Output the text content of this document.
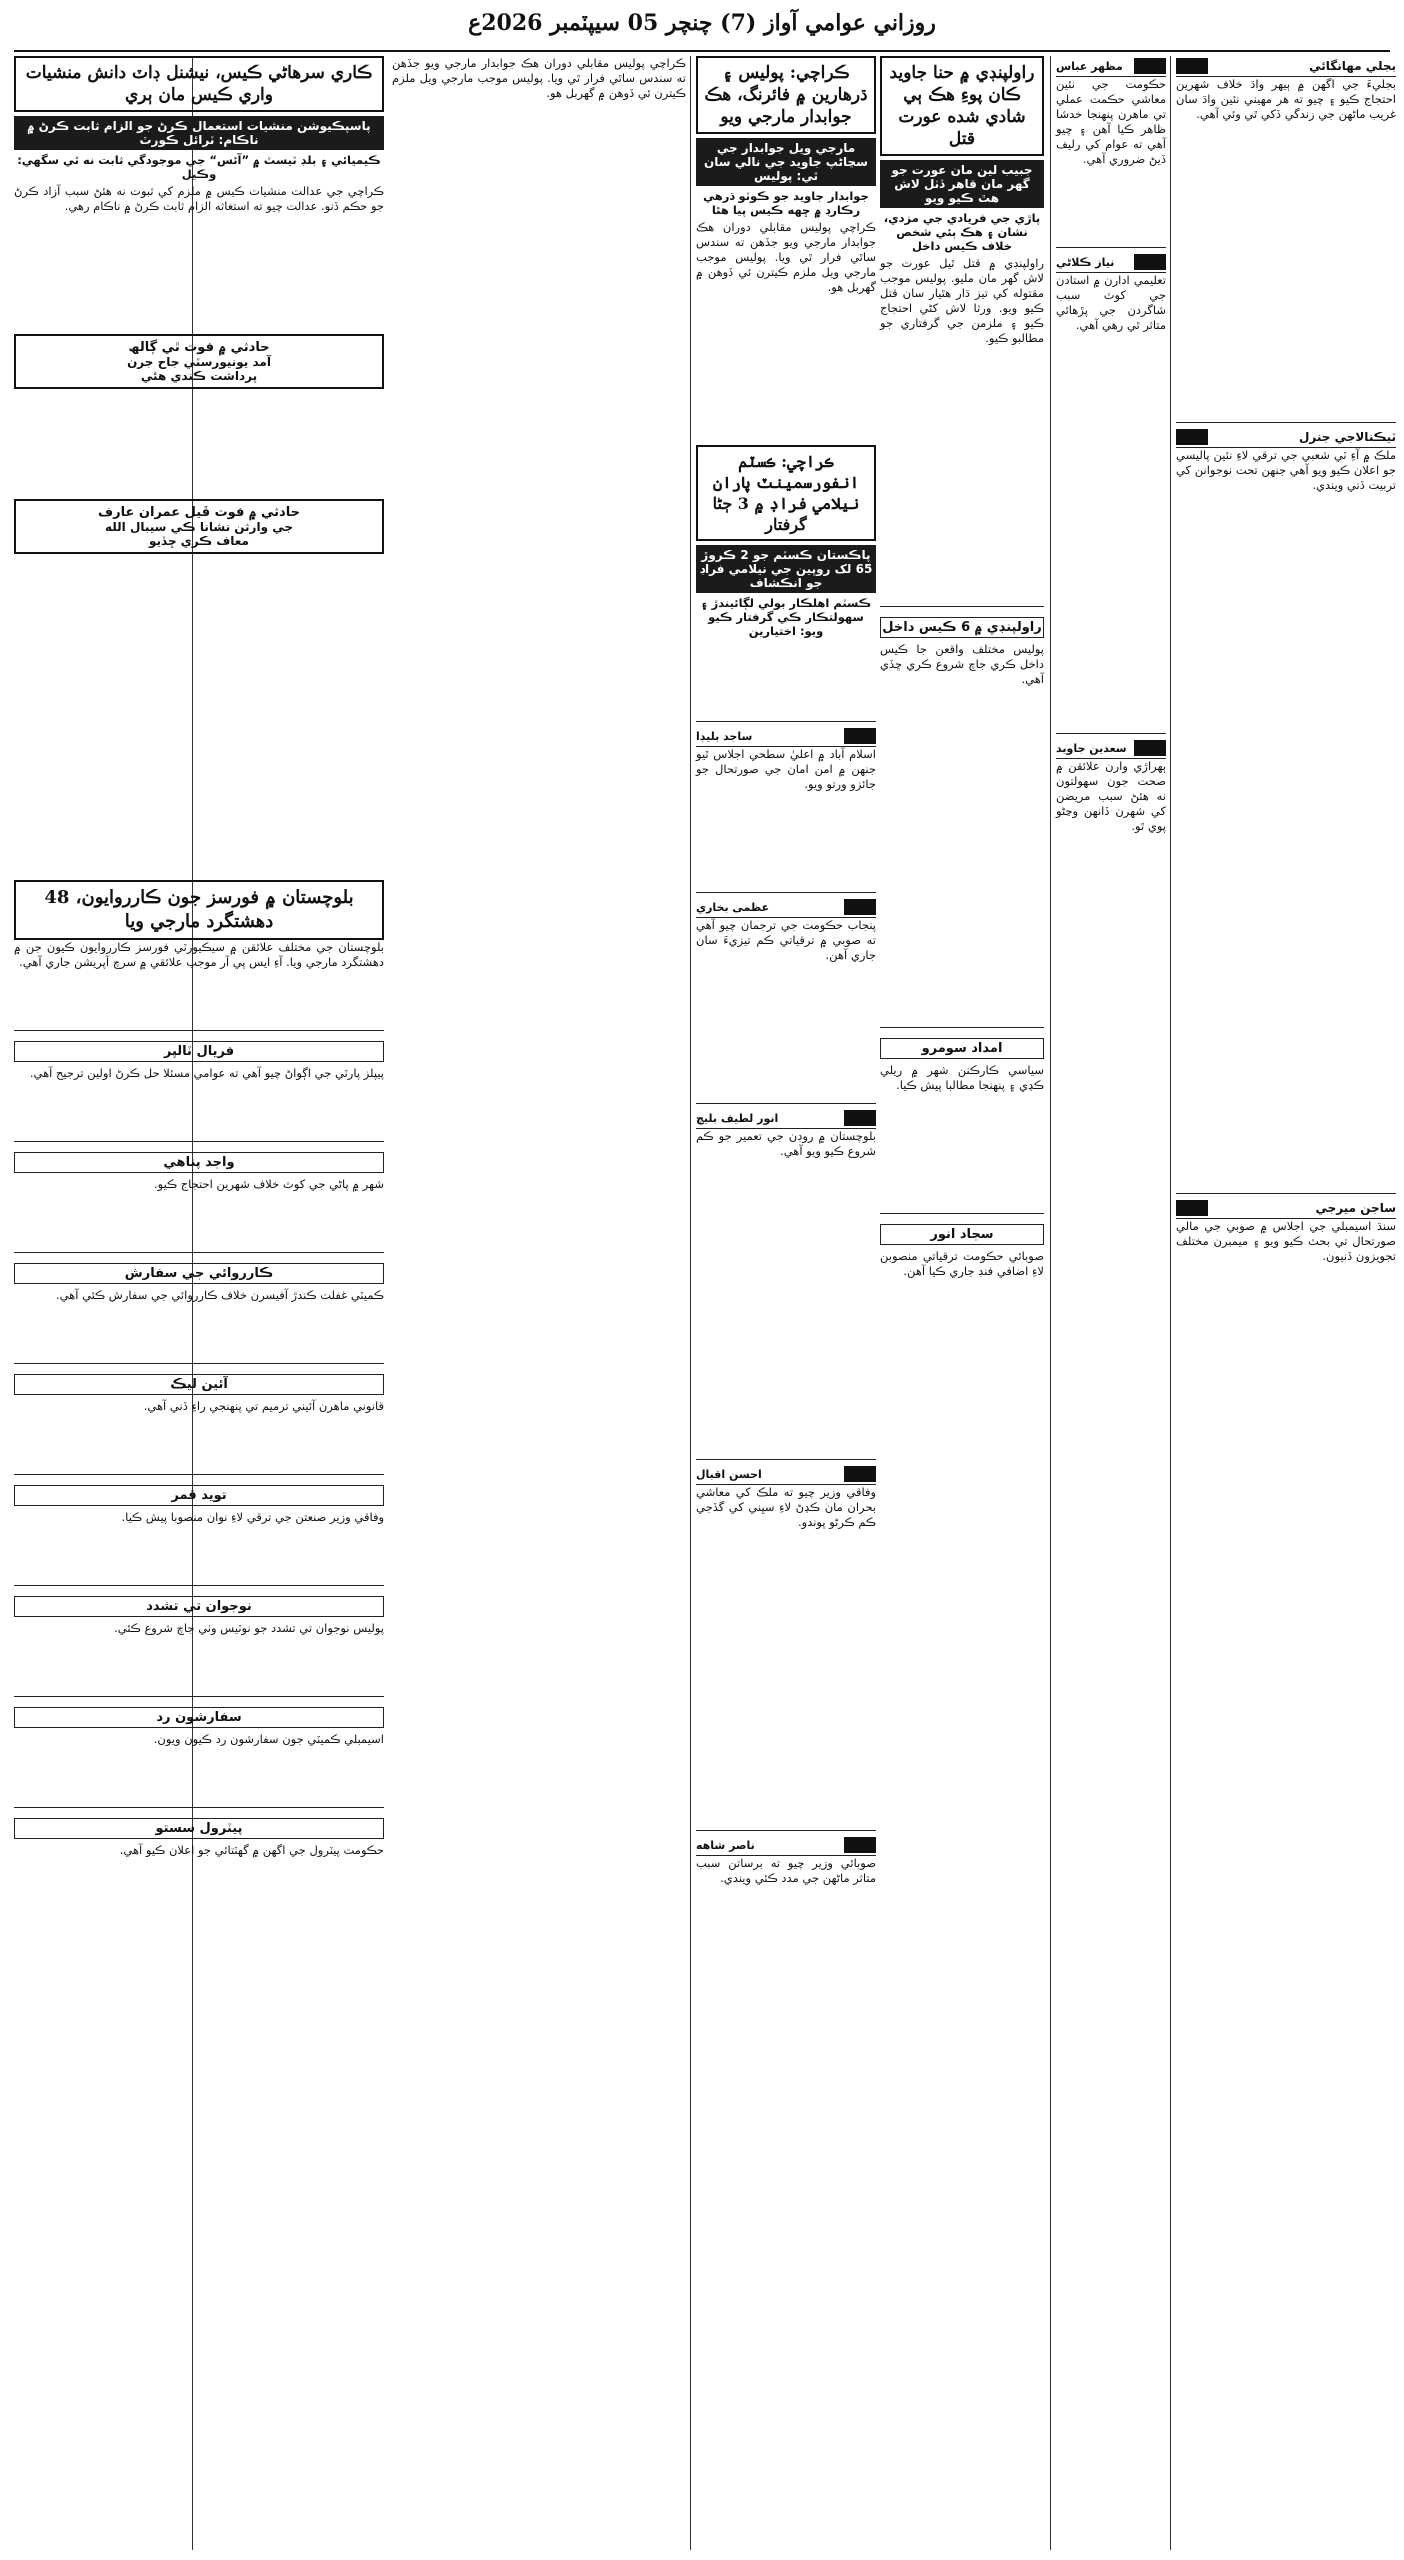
روزاني عوامي آواز (7) چنچر 05 سيپٽمبر 2026ع
بجلي مهانگائي
بجليءَ جي اگهن ۾ ٻيهر واڌ خلاف شهرين احتجاج ڪيو ۽ چيو ته هر مهيني نئين واڌ سان غريب ماڻهن جي زندگي ڏکي ٿي وئي آهي.
ٽيڪنالاجي جنرل
ملڪ ۾ آءِ ٽي شعبي جي ترقي لاءِ نئين پاليسي جو اعلان ڪيو ويو آهي جنهن تحت نوجوانن کي تربيت ڏني ويندي.
ساجن ميرجي
سنڌ اسيمبلي جي اجلاس ۾ صوبي جي مالي صورتحال تي بحث ڪيو ويو ۽ ميمبرن مختلف تجويزون ڏنيون.
مظهر عباس
حڪومت جي نئين معاشي حڪمت عملي تي ماهرن پنهنجا خدشا ظاهر ڪيا آهن ۽ چيو آهي ته عوام کي رليف ڏيڻ ضروري آهي.
نياز ڪلاڻي
تعليمي ادارن ۾ استادن جي کوٽ سبب شاگردن جي پڙهائي متاثر ٿي رهي آهي.
سعدين جاويد
ٻهراڙي وارن علائقن ۾ صحت جون سهولتون نه هئڻ سبب مريضن کي شهرن ڏانهن وڃڻو پوي ٿو.
راولپنڊي ۾ حنا جاويد ڪان پوءِ هڪ ٻي شادي شده عورت قتل
جبيب لين مان عورت جو گهر مان قاهر ڏٺل لاش هٿ ڪيو ويو
پاڙي جي فريادي جي مزدي، نشان ۽ هڪ ٻئي شخص خلاف ڪيس داخل
راولپنڊي ۾ قتل ٿيل عورت جو لاش گهر مان مليو. پوليس موجب مقتوله کي تيز ڌار هٿيار سان قتل ڪيو ويو. ورثا لاش کڻي احتجاج ڪيو ۽ ملزمن جي گرفتاري جو مطالبو ڪيو.
راولپنڊي ۾ 6 ڪيس داخل
پوليس مختلف واقعن جا ڪيس داخل ڪري جاچ شروع ڪري ڇڏي آهي.
امداد سومرو
سياسي ڪارڪنن شهر ۾ ريلي ڪڍي ۽ پنهنجا مطالبا پيش ڪيا.
سجاد انور
صوبائي حڪومت ترقياتي منصوبن لاءِ اضافي فنڊ جاري ڪيا آهن.
ڪراچي: پوليس ۽ ڌرهارين ۾ فائرنگ، هڪ جوابدار مارجي ويو
مارجي ويل جوابدار جي سڃاڻپ جاويد جي نالي سان ٿي: پوليس
جوابدار جاويد جو ڪوٽو ڌرهي رڪارڊ ۾ ڇهه ڪيس پيا هئا
ڪراچي پوليس مقابلي دوران هڪ جوابدار مارجي ويو جڏهن ته سندس ساٿي فرار ٿي ويا. پوليس موجب مارجي ويل ملزم ڪيترن ئي ڏوهن ۾ گهربل هو.
ڪراچي: ڪسٽم انفورسمينٽ پاران نيلامي فراڊ ۾ 3 ڄڻا گرفتار
پاڪستان ڪسٽم جو 2 ڪروڙ 65 لک روپين جي نيلامي فراڊ جو انڪشاف
ڪسٽم اهلڪار بولي لڳائيندڙ ۽ سهولتڪار ڪي گرفتار ڪيو ويو: اختيارين
ساجد بليڊا
اسلام آباد ۾ اعليٰ سطحي اجلاس ٿيو جنهن ۾ امن امان جي صورتحال جو جائزو ورتو ويو.
عظمى بخاري
پنجاب حڪومت جي ترجمان چيو آهي ته صوبي ۾ ترقياتي ڪم تيزيءَ سان جاري آهن.
انور لطيف بليچ
بلوچستان ۾ روڊن جي تعمير جو ڪم شروع ڪيو ويو آهي.
احسن اقبال
وفاقي وزير چيو ته ملڪ کي معاشي بحران مان ڪڍڻ لاءِ سڀني کي گڏجي ڪم ڪرڻو پوندو.
ناصر شاهه
صوبائي وزير چيو ته برساتن سبب متاثر ماڻهن جي مدد ڪئي ويندي.
ڪاري سرهاڻي ڪيس، نيشنل ڊاٽ دانش منشيات واري ڪيس مان ٻري
پاسپڪيوشن منشيات استعمال ڪرڻ جو الزام ثابت ڪرڻ ۾ ناڪام: ٽرائل ڪورٽ
ڪيميائي ۽ بلڊ ٽيسٽ ۾ ”آئس“ جي موجودگي ثابت نه ٿي سگهي: وڪيل
ڪراچي جي عدالت منشيات ڪيس ۾ ملزم کي ثبوت نه هئڻ سبب آزاد ڪرڻ جو حڪم ڏنو. عدالت چيو ته استغاثه الزام ثابت ڪرڻ ۾ ناڪام رهي.
حادثي ۾ فوت ٿي ڳالھ
آمد يونيورسٽي جاح جرن
پرداشت ڪندي هئي
حادثي ۾ فوت ڦيل عمران عارف
جي وارثن نشانا ڪي سيبال الله
معاف ڪري ڇڏيو
بلوچستان ۾ فورسز جون ڪارروايون، 48 دهشتگرد مارجي ويا
بلوچستان جي مختلف علائقن ۾ سيڪيورٽي فورسز ڪارروايون ڪيون جن ۾ دهشتگرد مارجي ويا. آءِ ايس پي آر موجب علائقي ۾ سرچ آپريشن جاري آهي.
فريال ٽالپر
پيپلز پارٽي جي اڳواڻ چيو آهي ته عوامي مسئلا حل ڪرڻ اولين ترجيح آهي.
واجد پناهي
شهر ۾ پاڻي جي کوٽ خلاف شهرين احتجاج ڪيو.
ڪارروائي جي سفارش
ڪميٽي غفلت ڪندڙ آفيسرن خلاف ڪارروائي جي سفارش ڪئي آهي.
آئين ليڪ
قانوني ماهرن آئيني ترميم تي پنهنجي راءِ ڏني آهي.
تويد قمر
وفاقي وزير صنعتن جي ترقي لاءِ نوان منصوبا پيش ڪيا.
نوجوان تي تشدد
پوليس نوجوان تي تشدد جو نوٽيس وٺي جاچ شروع ڪئي.
سفارشون رد
اسيمبلي ڪميٽي جون سفارشون رد ڪيون ويون.
پيٽرول سستو
حڪومت پيٽرول جي اگهن ۾ گهٽتائي جو اعلان ڪيو آهي.
ڪراچي پوليس مقابلي دوران هڪ جوابدار مارجي ويو جڏهن ته سندس ساٿي فرار ٿي ويا. پوليس موجب مارجي ويل ملزم ڪيترن ئي ڏوهن ۾ گهربل هو.
